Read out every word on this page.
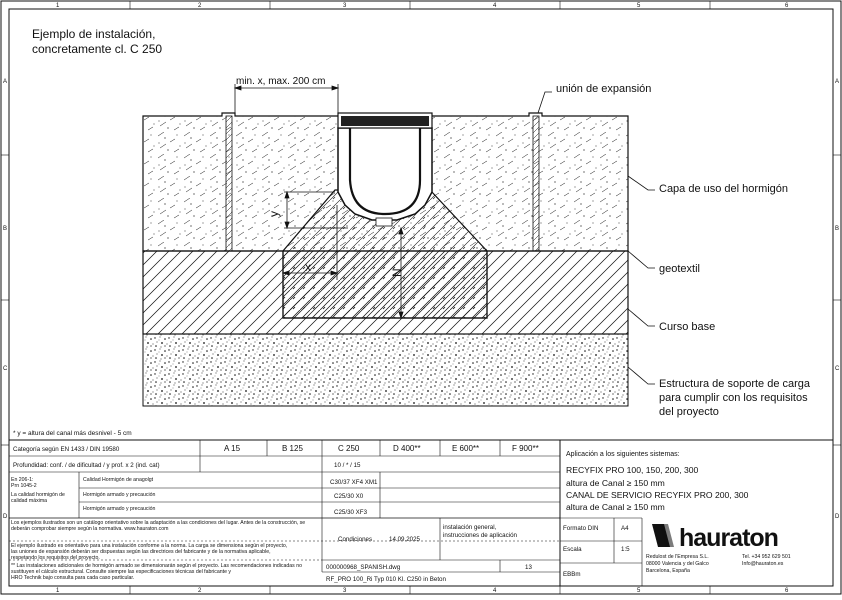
1	2	3	4	5	6
1	2	3	4	5	6
A
B
C
D
A
B
C
D
Ejemplo de instalación,
concretamente cl. C 250
min. x, max. 200 cm
y
x	N
unión de expansión
Capa de uso del hormigón
geotextil
Curso base
Estructura de soporte de carga
para cumplir con los requisitos
del proyecto
* y = altura del canal más desnivel - 5 cm
Categoría según EN 1433 / DIN 19580	A 15	B 125	C 250	D 400**	E 600**	F 900**
Profundidad: conf. / de dificultad / y prof. x 2 (ind. cat)	10 / * / 15
En 206-1:
Prn 1045-2
La calidad hormigón de
calidad máxima
Calidad Hormigón de anagolgt	C30/37 XF4 XM1
Hormigón armado y precaución	C25/30 X0
Hormigón armado y precaución	C25/30 XF3
Los ejemplos ilustrados son un catálogo orientativo sobre la adaptación a las condiciones del lugar. Antes de la construcción, se
deberán comprobar siempre según la normativa. www.hauraton.com
El ejemplo ilustrado es orientativo para una instalación conforme a la norma. La carga se dimensiona según el proyecto,
las uniones de expansión deberán ser dispuestas según las directrices del fabricante y de la normativa aplicable,
respetando los requisitos del proyecto.
** Las instalaciones adicionales de hormigón armado se dimensionarán según el proyecto. Las recomendaciones indicadas no
sustituyen el cálculo estructural. Consulte siempre las especificaciones técnicas del fabricante y
HRO Technik bajo consulta para cada caso particular.
Condiciones	14.09.2025
instalación general,
instrucciones de aplicación
000000968_SPANISH.dwg	13
RF_PRO 100_Ri Typ 010 Kl. C250 in Beton
Aplicación a los siguientes sistemas:
RECYFIX PRO 100, 150, 200, 300
altura de Canal ≥ 150 mm
CANAL DE SERVICIO RECYFIX PRO 200, 300
altura de Canal ≥ 150 mm
Formato DIN	A4
Escala	1:5
EBBm
hauraton
Redulost de l'Empresa S.L.
08000 Valencia y del Galco
Barcelona, España
Tel. +34 952 629 501
Info@hauraton.es
